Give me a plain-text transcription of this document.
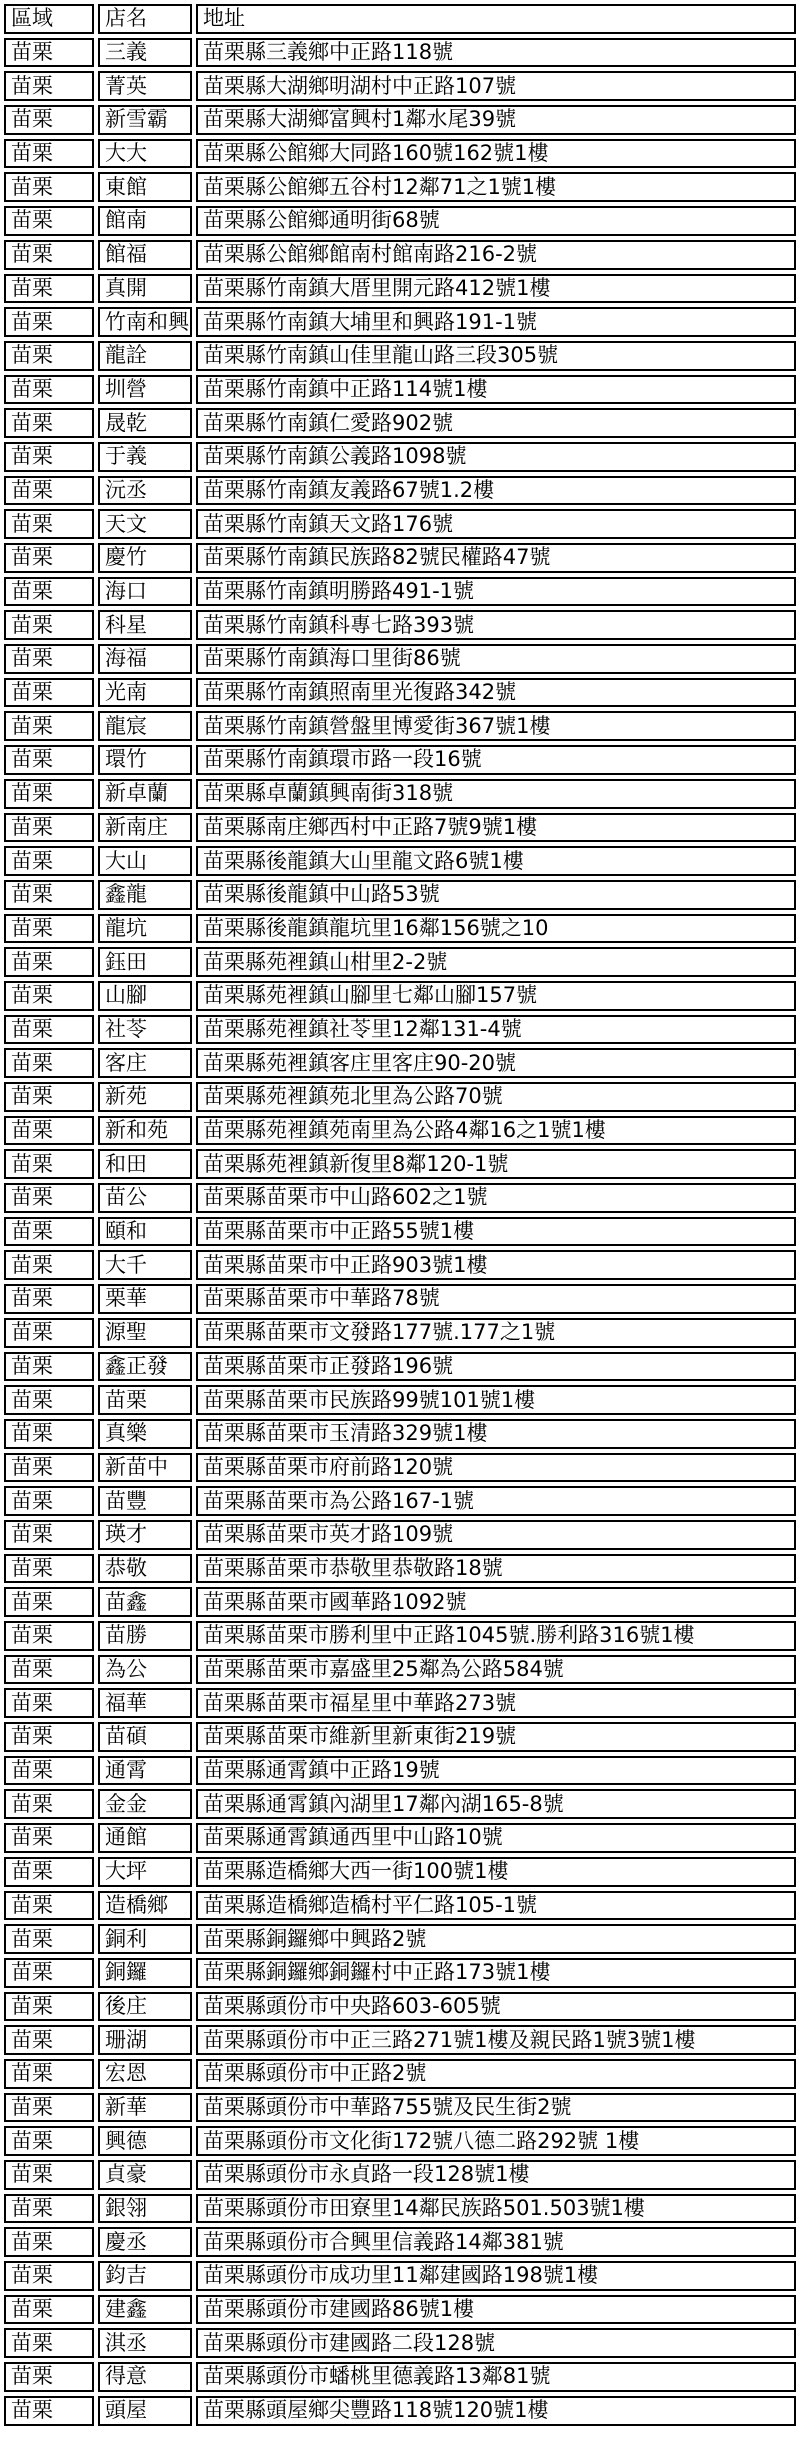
區域	店名	地址
苗栗	三義	苗栗縣三義鄉中正路118號
苗栗	菁英	苗栗縣大湖鄉明湖村中正路107號
苗栗	新雪霸	苗栗縣大湖鄉富興村1鄰水尾39號
苗栗	大大	苗栗縣公館鄉大同路160號162號1樓
苗栗	東館	苗栗縣公館鄉五谷村12鄰71之1號1樓
苗栗	館南	苗栗縣公館鄉通明街68號
苗栗	館福	苗栗縣公館鄉館南村館南路216-2號
苗栗	真開	苗栗縣竹南鎮大厝里開元路412號1樓
苗栗	竹南和興	苗栗縣竹南鎮大埔里和興路191-1號
苗栗	龍詮	苗栗縣竹南鎮山佳里龍山路三段305號
苗栗	圳營	苗栗縣竹南鎮中正路114號1樓
苗栗	晟乾	苗栗縣竹南鎮仁愛路902號
苗栗	于義	苗栗縣竹南鎮公義路1098號
苗栗	沅丞	苗栗縣竹南鎮友義路67號1.2樓
苗栗	天文	苗栗縣竹南鎮天文路176號
苗栗	慶竹	苗栗縣竹南鎮民族路82號民權路47號
苗栗	海口	苗栗縣竹南鎮明勝路491-1號
苗栗	科星	苗栗縣竹南鎮科專七路393號
苗栗	海福	苗栗縣竹南鎮海口里街86號
苗栗	光南	苗栗縣竹南鎮照南里光復路342號
苗栗	龍宸	苗栗縣竹南鎮營盤里博愛街367號1樓
苗栗	環竹	苗栗縣竹南鎮環市路一段16號
苗栗	新卓蘭	苗栗縣卓蘭鎮興南街318號
苗栗	新南庄	苗栗縣南庄鄉西村中正路7號9號1樓
苗栗	大山	苗栗縣後龍鎮大山里龍文路6號1樓
苗栗	鑫龍	苗栗縣後龍鎮中山路53號
苗栗	龍坑	苗栗縣後龍鎮龍坑里16鄰156號之10
苗栗	鈺田	苗栗縣苑裡鎮山柑里2-2號
苗栗	山腳	苗栗縣苑裡鎮山腳里七鄰山腳157號
苗栗	社苓	苗栗縣苑裡鎮社苓里12鄰131-4號
苗栗	客庄	苗栗縣苑裡鎮客庄里客庄90-20號
苗栗	新苑	苗栗縣苑裡鎮苑北里為公路70號
苗栗	新和苑	苗栗縣苑裡鎮苑南里為公路4鄰16之1號1樓
苗栗	和田	苗栗縣苑裡鎮新復里8鄰120-1號
苗栗	苗公	苗栗縣苗栗市中山路602之1號
苗栗	頤和	苗栗縣苗栗市中正路55號1樓
苗栗	大千	苗栗縣苗栗市中正路903號1樓
苗栗	栗華	苗栗縣苗栗市中華路78號
苗栗	源聖	苗栗縣苗栗市文發路177號.177之1號
苗栗	鑫正發	苗栗縣苗栗市正發路196號
苗栗	苗栗	苗栗縣苗栗市民族路99號101號1樓
苗栗	真樂	苗栗縣苗栗市玉清路329號1樓
苗栗	新苗中	苗栗縣苗栗市府前路120號
苗栗	苗豐	苗栗縣苗栗市為公路167-1號
苗栗	瑛才	苗栗縣苗栗市英才路109號
苗栗	恭敬	苗栗縣苗栗市恭敬里恭敬路18號
苗栗	苗鑫	苗栗縣苗栗市國華路1092號
苗栗	苗勝	苗栗縣苗栗市勝利里中正路1045號.勝利路316號1樓
苗栗	為公	苗栗縣苗栗市嘉盛里25鄰為公路584號
苗栗	福華	苗栗縣苗栗市福星里中華路273號
苗栗	苗碩	苗栗縣苗栗市維新里新東街219號
苗栗	通霄	苗栗縣通霄鎮中正路19號
苗栗	金金	苗栗縣通霄鎮內湖里17鄰內湖165-8號
苗栗	通館	苗栗縣通霄鎮通西里中山路10號
苗栗	大坪	苗栗縣造橋鄉大西一街100號1樓
苗栗	造橋鄉	苗栗縣造橋鄉造橋村平仁路105-1號
苗栗	銅利	苗栗縣銅鑼鄉中興路2號
苗栗	銅鑼	苗栗縣銅鑼鄉銅鑼村中正路173號1樓
苗栗	後庄	苗栗縣頭份市中央路603-605號
苗栗	珊湖	苗栗縣頭份市中正三路271號1樓及親民路1號3號1樓
苗栗	宏恩	苗栗縣頭份市中正路2號
苗栗	新華	苗栗縣頭份市中華路755號及民生街2號
苗栗	興德	苗栗縣頭份市文化街172號八德二路292號 1樓
苗栗	貞豪	苗栗縣頭份市永貞路一段128號1樓
苗栗	銀翎	苗栗縣頭份市田寮里14鄰民族路501.503號1樓
苗栗	慶丞	苗栗縣頭份市合興里信義路14鄰381號
苗栗	鈞吉	苗栗縣頭份市成功里11鄰建國路198號1樓
苗栗	建鑫	苗栗縣頭份市建國路86號1樓
苗栗	淇丞	苗栗縣頭份市建國路二段128號
苗栗	得意	苗栗縣頭份市蟠桃里德義路13鄰81號
苗栗	頭屋	苗栗縣頭屋鄉尖豐路118號120號1樓
